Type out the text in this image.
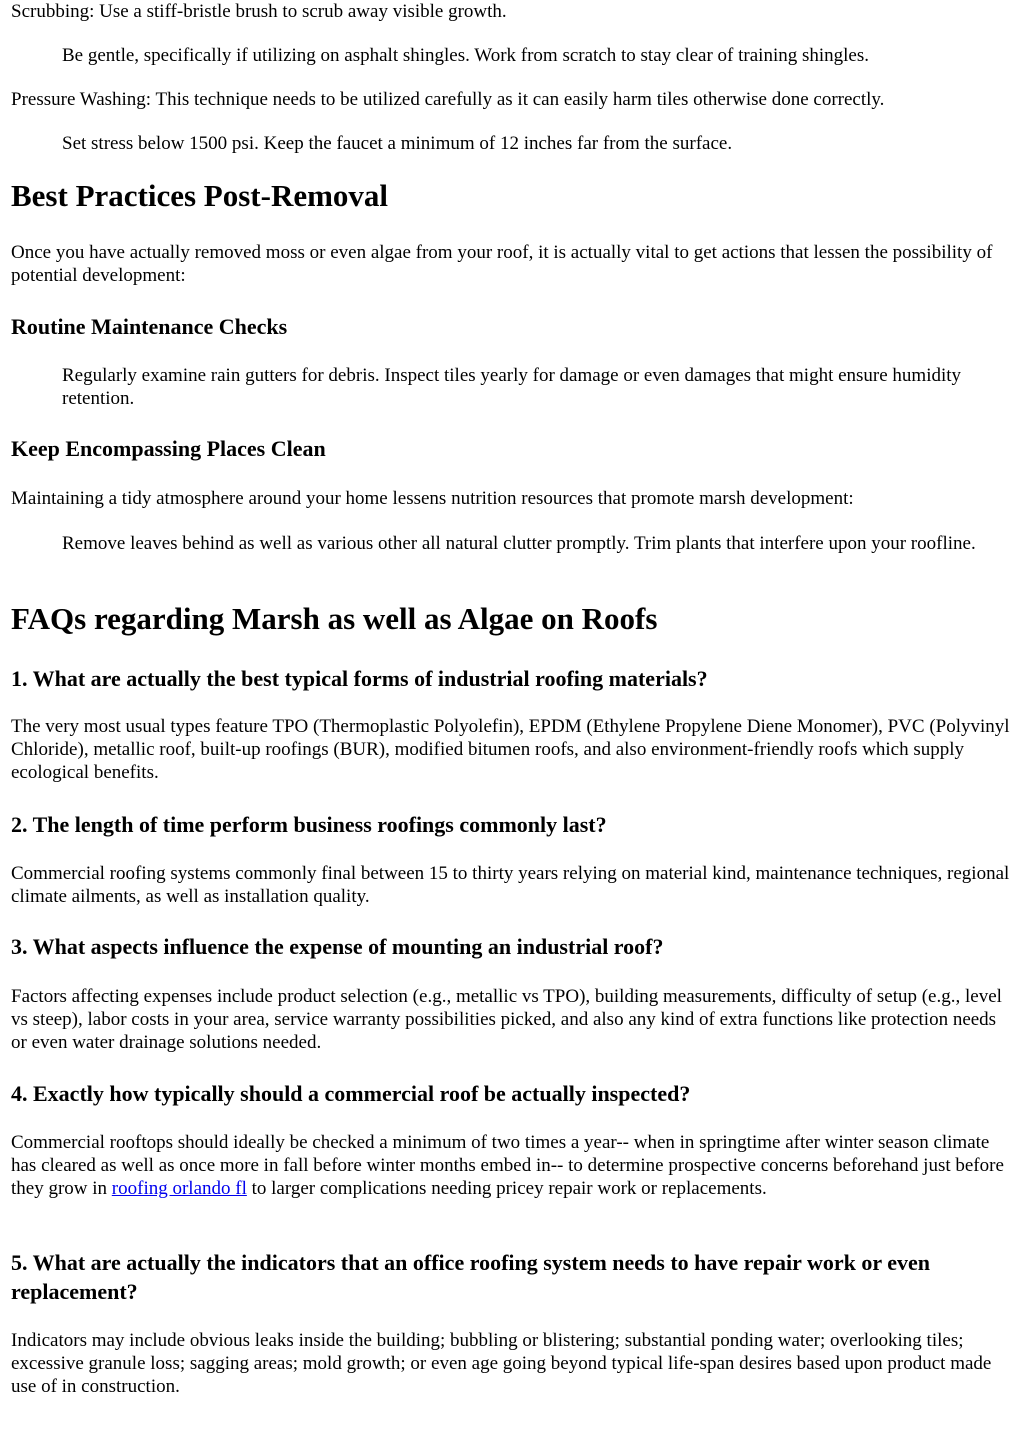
Scrubbing: Use a stiff-bristle brush to scrub away visible growth.

Be gentle, specifically if utilizing on asphalt shingles. Work from scratch to stay clear of training shingles.

Pressure Washing: This technique needs to be utilized carefully as it can easily harm tiles otherwise done correctly.

Set stress below 1500 psi. Keep the faucet a minimum of 12 inches far from the surface.

Best Practices Post-Removal

Once you have actually removed moss or even algae from your roof, it is actually vital to get actions that lessen the possibility of potential development:

Routine Maintenance Checks

Regularly examine rain gutters for debris. Inspect tiles yearly for damage or even damages that might ensure humidity retention.

Keep Encompassing Places Clean

Maintaining a tidy atmosphere around your home lessens nutrition resources that promote marsh development:

Remove leaves behind as well as various other all natural clutter promptly. Trim plants that interfere upon your roofline.

FAQs regarding Marsh as well as Algae on Roofs
1. What are actually the best typical forms of industrial roofing materials?

The very most usual types feature TPO (Thermoplastic Polyolefin), EPDM (Ethylene Propylene Diene Monomer), PVC (Polyvinyl Chloride), metallic roof, built-up roofings (BUR), modified bitumen roofs, and also environment-friendly roofs which supply ecological benefits.

2. The length of time perform business roofings commonly last?

Commercial roofing systems commonly final between 15 to thirty years relying on material kind, maintenance techniques, regional climate ailments, as well as installation quality.

3. What aspects influence the expense of mounting an industrial roof?

Factors affecting expenses include product selection (e.g., metallic vs TPO), building measurements, difficulty of setup (e.g., level vs steep), labor costs in your area, service warranty possibilities picked, and also any kind of extra functions like protection needs or even water drainage solutions needed.

4. Exactly how typically should a commercial roof be actually inspected?

Commercial rooftops should ideally be checked a minimum of two times a year-- when in springtime after winter season climate has cleared as well as once more in fall before winter months embed in-- to determine prospective concerns beforehand just before they grow in roofing orlando fl to larger complications needing pricey repair work or replacements.

5. What are actually the indicators that an office roofing system needs to have repair work or even replacement?

Indicators may include obvious leaks inside the building; bubbling or blistering; substantial ponding water; overlooking tiles; excessive granule loss; sagging areas; mold growth; or even age going beyond typical life-span desires based upon product made use of in construction.
